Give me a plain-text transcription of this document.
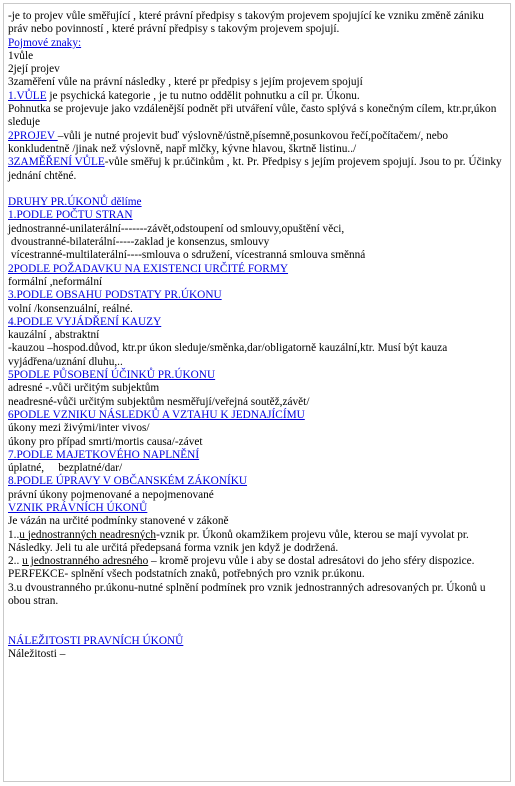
-je to projev vůle směřující , které právní předpisy s takovým projevem spojující ke vzniku změně zániku práv nebo povinností , které právní předpisy s takovým projevem spojují.
Pojmové znaky:
1vůle
2její projev
3zaměření vůle na právní následky , které pr předpisy s jejím projevem spojují
1.VŮLE je psychická kategorie , je tu nutno oddělit pohnutku a cíl pr. Úkonu.
Pohnutka se projevuje jako vzdálenější podnět při utváření vůle, často splývá s konečným cílem, ktr.pr,úkon sleduje
2PROJEV –vůli je nutné projevit buď výslovně/ústně,písemně,posunkovou řečí,počítačem/, nebo konkludentně /jinak než výslovně, např mlčky, kývne hlavou, škrtně listinu../
3ZAMĚŘENÍ VŮLE-vůle směřuj k pr.účinkům , kt. Pr. Předpisy s jejím projevem spojují. Jsou to pr. Účinky jednání chtěné.
DRUHY PR.ÚKONŮ dělíme
1.PODLE POČTU STRAN
jednostranné-unilaterální-------závět,odstoupení od smlouvy,opuštění věci,
dvoustranné-bilaterální-----zaklad je konsenzus, smlouvy
vícestranné-multilaterální----smlouva o sdružení, vícestranná smlouva směnná
2PODLE POŽADAVKU NA EXISTENCI URČITÉ FORMY
formální ,neformální
3.PODLE OBSAHU PODSTATY PR.ÚKONU
volní /konsenzuální, reálné.
4.PODLE VYJÁDŘENÍ KAUZY
kauzální , abstraktní
-kauzou –hospod.důvod, ktr.pr úkon sleduje/směnka,dar/obligatorně kauzální,ktr. Musí být kauza vyjádřena/uznání dluhu,..
5PODLE PŮSOBENÍ ÚČINKŮ PR.ÚKONU
adresné -.vůči určitým subjektům
neadresné-vůči určitým subjektům nesměřují/veřejná soutěž,závět/
6PODLE VZNIKU NÁSLEDKŮ A VZTAHU K JEDNAJÍCÍMU
úkony mezi živými/inter vivos/
úkony pro případ smrti/mortis causa/-závet
7.PODLE MAJETKOVÉHO NAPLNĚNÍ
úplatné,     bezplatné/dar/
8.PODLE ÚPRAVY V OBČANSKÉM ZÁKONÍKU
právní úkony pojmenované a nepojmenované
VZNIK PRÁVNÍCH ÚKONŮ
Je vázán na určité podmínky stanovené v zákoně
1..u jednostranných neadresných-vznik pr. Úkonů okamžikem projevu vůle, kterou se mají vyvolat pr. Následky. Jeli tu ale určitá předepsaná forma vznik jen když je dodržená.
2.. u jednostranného adresného – kromě projevu vůle i aby se dostal adresátovi do jeho sféry dispozice.
PERFEKCE- splnění všech podstatních znaků, potřebných pro vznik pr.úkonu.
3.u dvoustranného pr.úkonu-nutné splnění podmínek pro vznik jednostranných adresovaných pr. Úkonů u obou stran.
NÁLEŽITOSTI PRAVNÍCH ÚKONŮ
Náležitosti –
